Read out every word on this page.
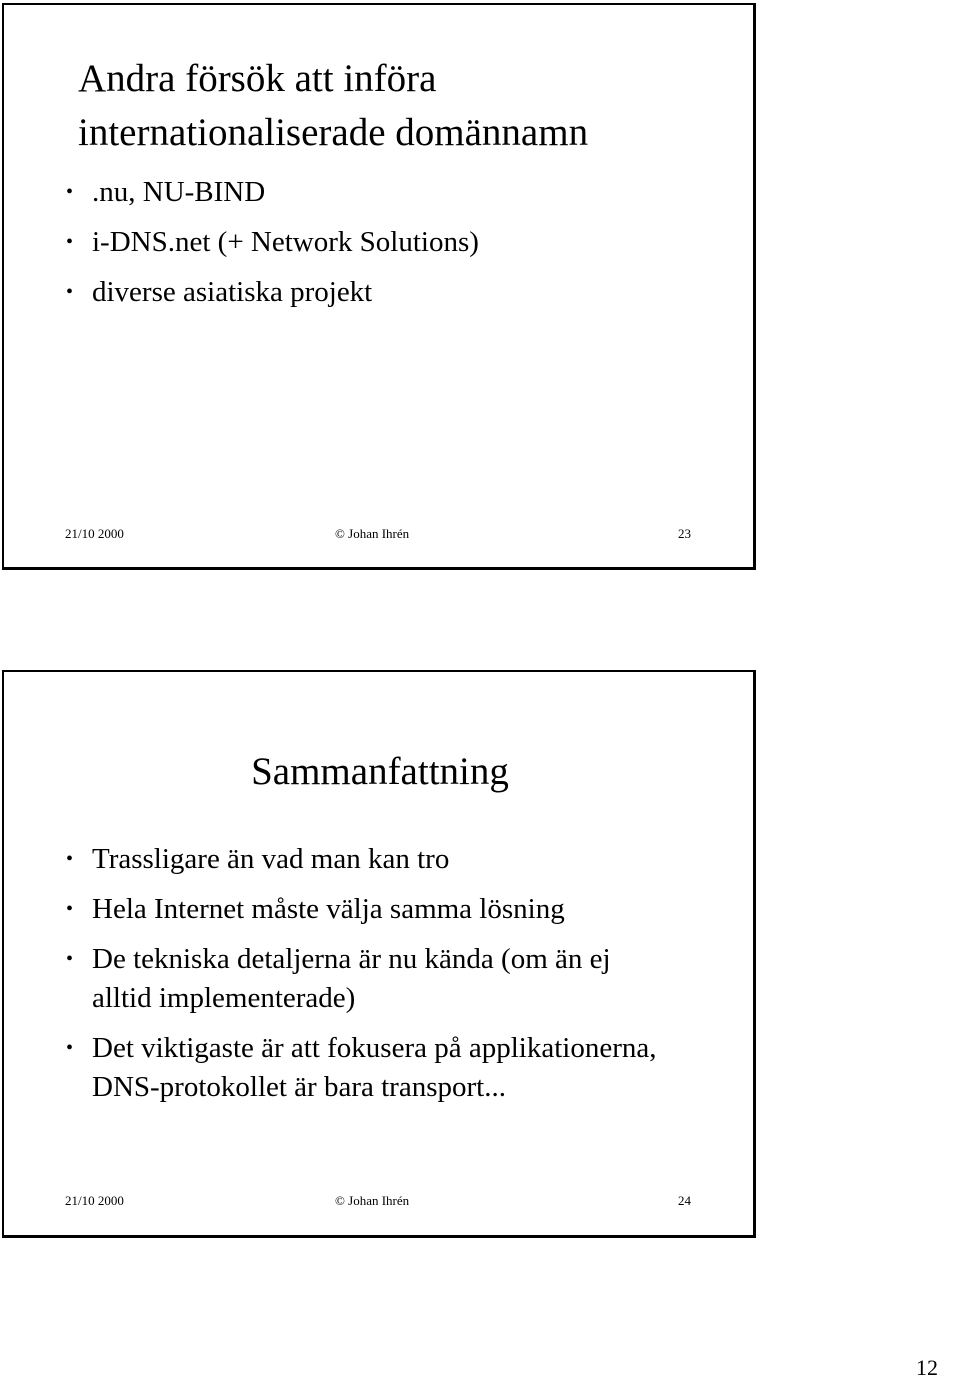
Andra försök att införa
internationaliserade domännamn
• .nu, NU-BIND
• i-DNS.net (+ Network Solutions)
• diverse asiatiska projekt
21/10 2000	© Johan Ihrén	23
Sammanfattning
• Trassligare än vad man kan tro
• Hela Internet måste välja samma lösning
• De tekniska detaljerna är nu kända (om än ej alltid implementerade)
• Det viktigaste är att fokusera på applikationerna, DNS-protokollet är bara transport...
21/10 2000	© Johan Ihrén	24
12
